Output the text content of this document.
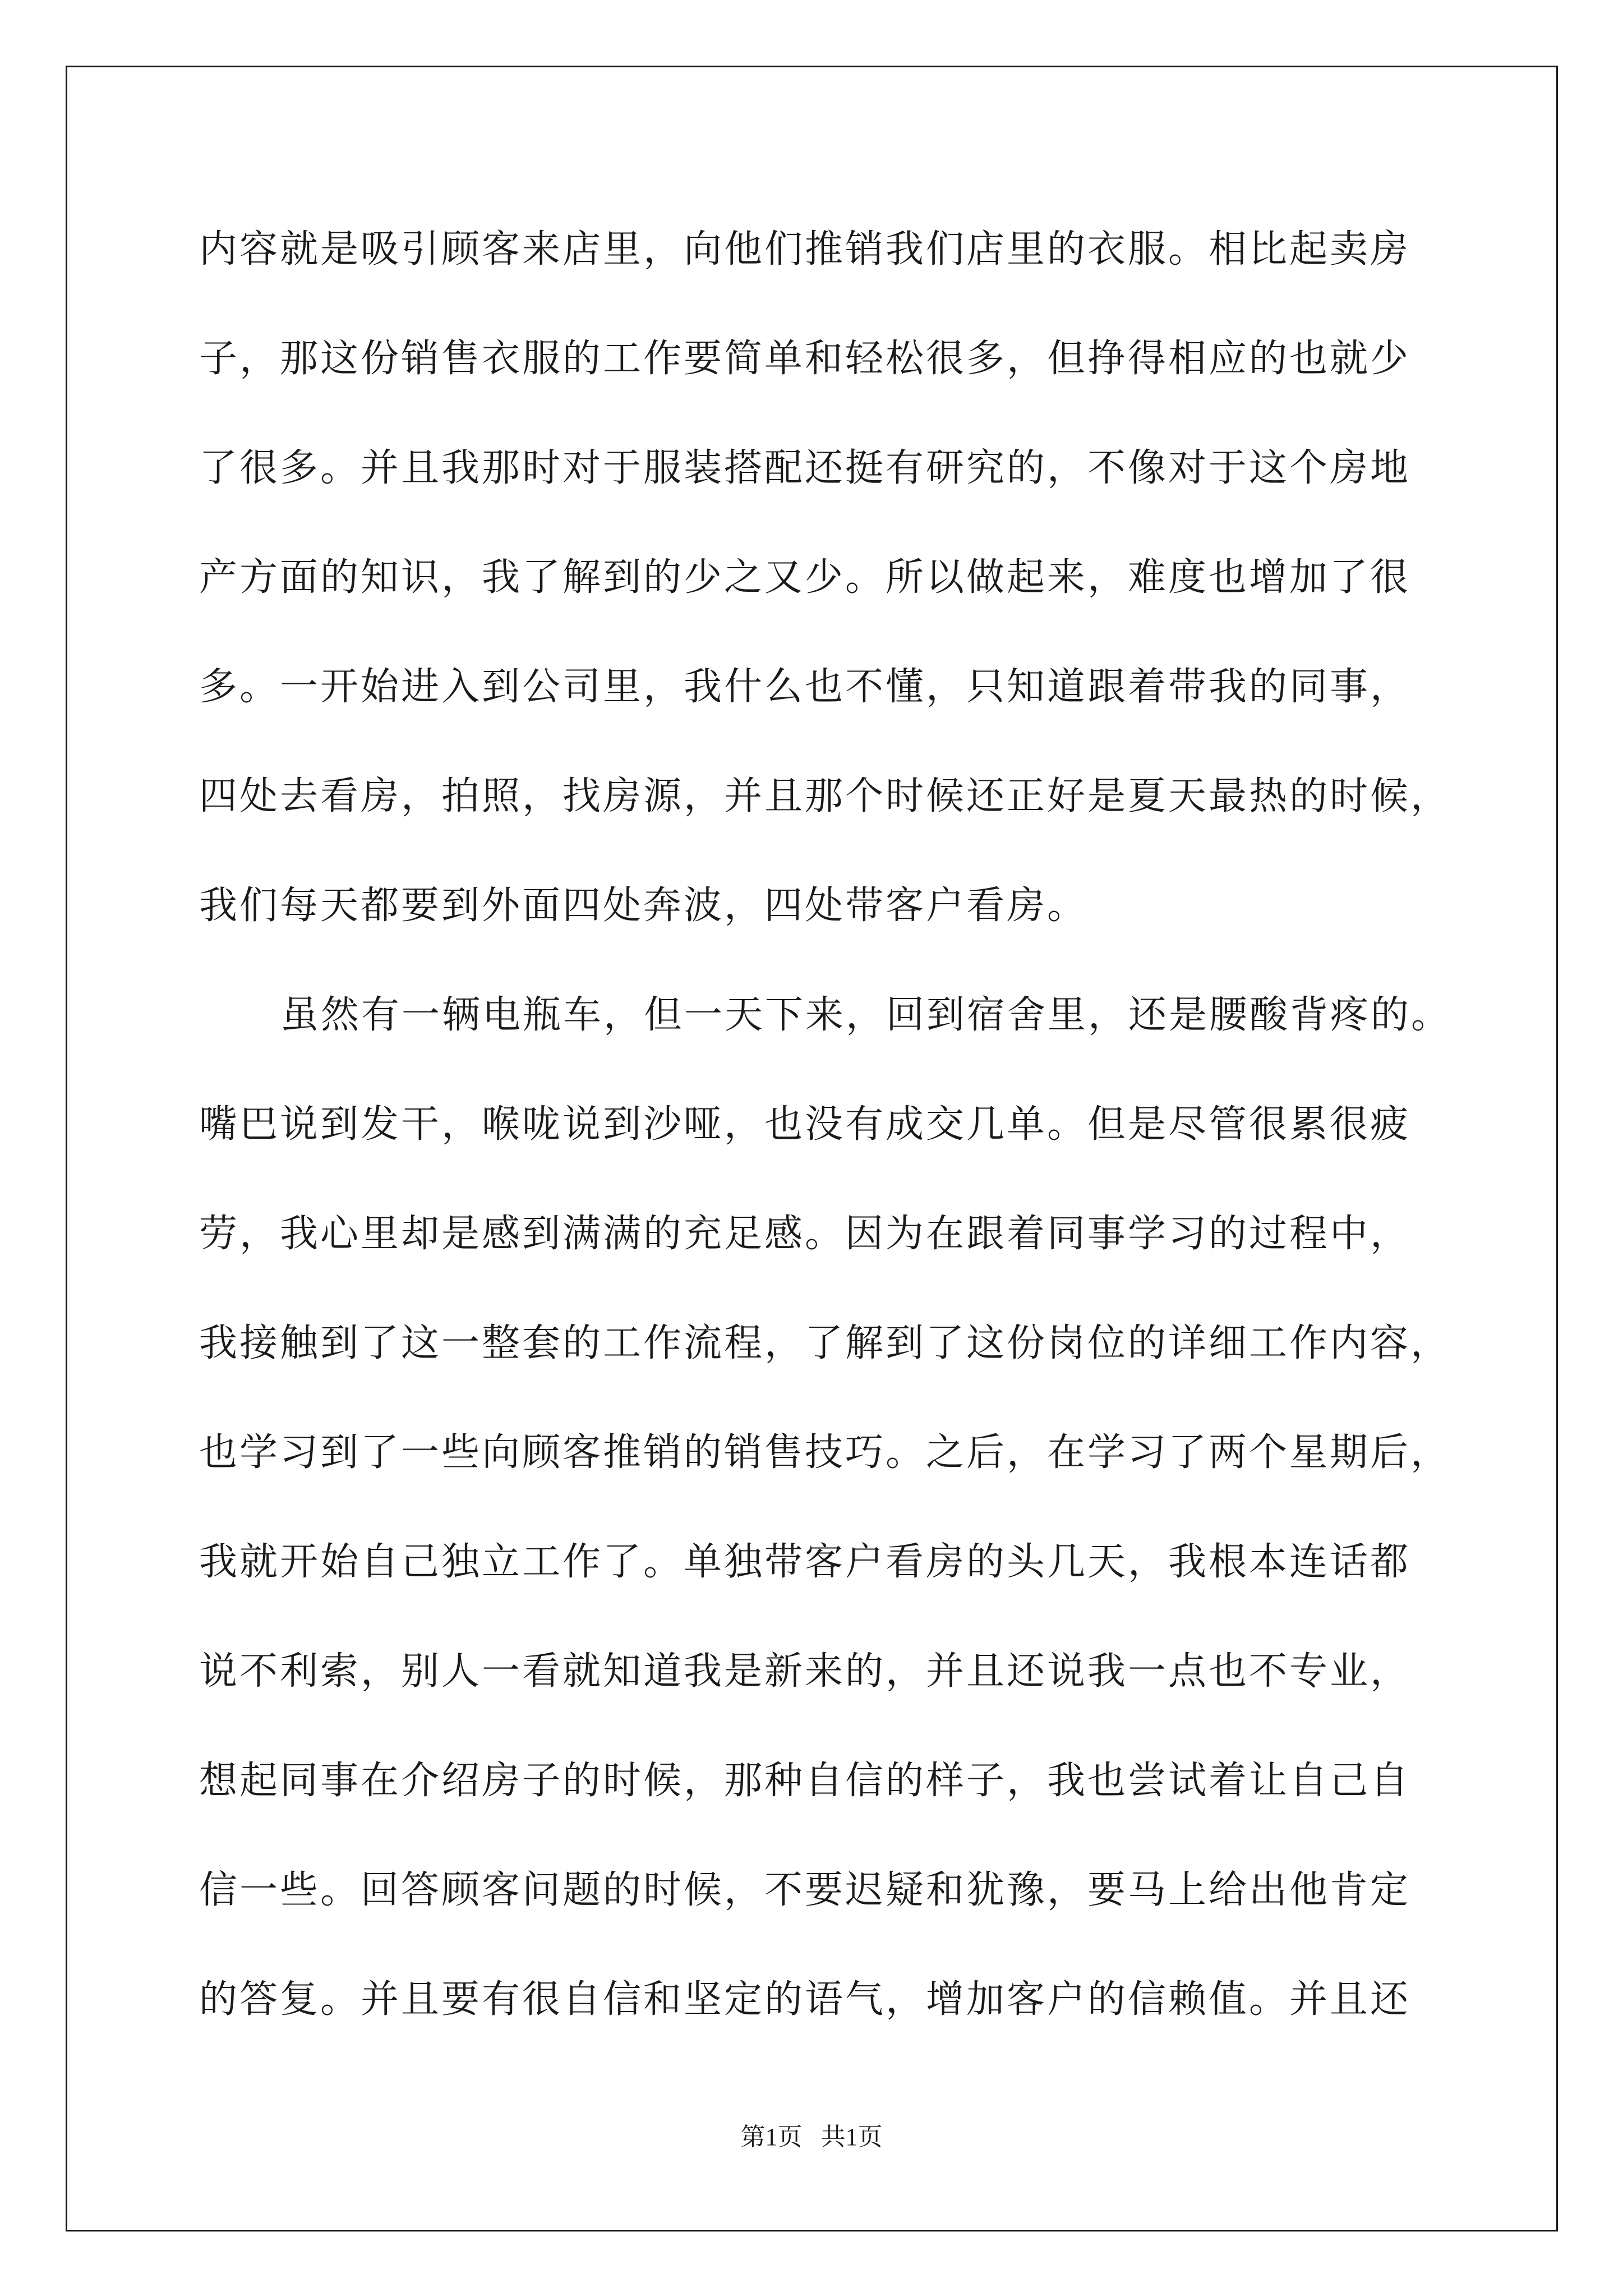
内容就是吸引顾客来店里，向他们推销我们店里的衣服。相比起卖房
子，那这份销售衣服的工作要简单和轻松很多，但挣得相应的也就少
了很多。并且我那时对于服装搭配还挺有研究的，不像对于这个房地
产方面的知识，我了解到的少之又少。所以做起来，难度也增加了很
多。一开始进入到公司里，我什么也不懂，只知道跟着带我的同事，
四处去看房，拍照，找房源，并且那个时候还正好是夏天最热的时候，
我们每天都要到外面四处奔波，四处带客户看房。
虽然有一辆电瓶车，但一天下来，回到宿舍里，还是腰酸背疼的。
嘴巴说到发干，喉咙说到沙哑，也没有成交几单。但是尽管很累很疲
劳，我心里却是感到满满的充足感。因为在跟着同事学习的过程中，
我接触到了这一整套的工作流程，了解到了这份岗位的详细工作内容，
也学习到了一些向顾客推销的销售技巧。之后，在学习了两个星期后，
我就开始自己独立工作了。单独带客户看房的头几天，我根本连话都
说不利索，别人一看就知道我是新来的，并且还说我一点也不专业，
想起同事在介绍房子的时候，那种自信的样子，我也尝试着让自己自
信一些。回答顾客问题的时候，不要迟疑和犹豫，要马上给出他肯定
的答复。并且要有很自信和坚定的语气，增加客户的信赖值。并且还
第1页   共1页
